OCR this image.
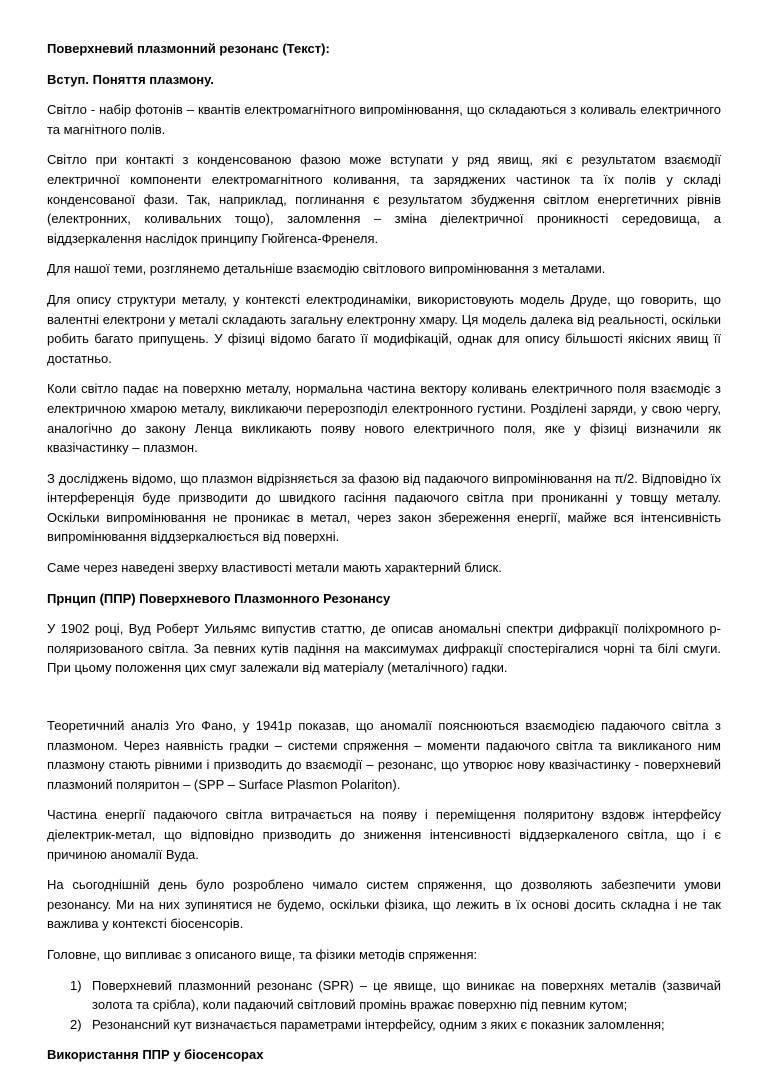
Поверхневий плазмонний резонанс (Текст):

Вступ. Поняття плазмону.

Світло - набір фотонів – квантів електромагнітного випромінювання, що складаються з коливаль електричного та магнітного полів.

Світло при контакті з конденсованою фазою може вступати у ряд явищ, які є результатом взаємодії електричної компоненти електромагнітного коливання, та заряджених частинок та їх полів у складі конденсованої фази. Так, наприклад, поглинання є результатом збудження світлом енергетичних рівнів (електронних, коливальних тощо), заломлення – зміна діелектричної проникності середовища, а віддзеркалення наслідок принципу Гюйгенса-Френеля.

Для нашої теми, розглянемо детальніше взаємодію світлового випромінювання з металами.

Для опису структури металу, у контексті електродинаміки, використовують модель Друде, що говорить, що валентні електрони у металі складають загальну електронну хмару. Ця модель далека від реальності, оскільки робить багато припущень. У фізиці відомо багато її модифікацій, однак для опису більшості якісних явищ її достатньо.

Коли світло падає на поверхню металу, нормальна частина вектору коливань електричного поля взаємодіє з електричною хмарою металу, викликаючи перерозподіл електронного густини. Розділені заряди, у свою чергу, аналогічно до закону Ленца викликають появу нового електричного поля, яке у фізиці визначили як квазічастинку – плазмон.

З досліджень відомо, що плазмон відрізняється за фазою від падаючого випромінювання на π/2. Відповідно їх інтерференція буде призводити до швидкого гасіння падаючого світла при прониканні у товщу металу. Оскільки випромінювання не проникає в метал, через закон збереження енергії, майже вся інтенсивність випромінювання віддзеркалюється від поверхні.

Саме через наведені зверху властивості метали мають характерний блиск.

Прнцип (ППР) Поверхневого Плазмонного Резонансу

У 1902 році, Вуд Роберт Уильямс випустив статтю, де описав аномальні спектри дифракції поліхромного p-поляризованого світла. За певних кутів падіння на максимумах дифракції спостерігалися чорні та білі смуги. При цьому положення цих смуг залежали від матеріалу (металічного) гадки.

Теоретичний аналіз Уго Фано, у 1941р показав, що аномалії пояснюються взаємодією падаючого світла з плазмоном. Через наявність градки – системи спряження – моменти падаючого світла та викликаного ним плазмону стають рівними і призводить до взаємодії – резонанс, що утворює нову квазічастинку - поверхневий плазмоний поляритон – (SPP – Surface Plasmon Polariton).

Частина енергії падаючого світла витрачається на появу і переміщення поляритону вздовж інтерфейсу діелектрик-метал, що відповідно призводить до зниження інтенсивності віддзеркаленого світла, що і є причиною аномалії Вуда.

На сьогоднішній день було розроблено чимало систем спряження, що дозволяють забезпечити умови резонансу. Ми на них зупинятися не будемо, оскільки фізика, що лежить в їх основі досить складна і не так важлива у контексті біосенсорів.

Головне, що випливає з описаного вище, та фізики методів спряження:

1) Поверхневий плазмонний резонанс (SPR) – це явище, що виникає на поверхнях металів (зазвичай золота та срібла), коли падаючий світловий промінь вражає поверхню під певним кутом;
2) Резонансний кут визначається параметрами інтерфейсу, одним з яких є показник заломлення;

Використання ППР у біосенсорах
